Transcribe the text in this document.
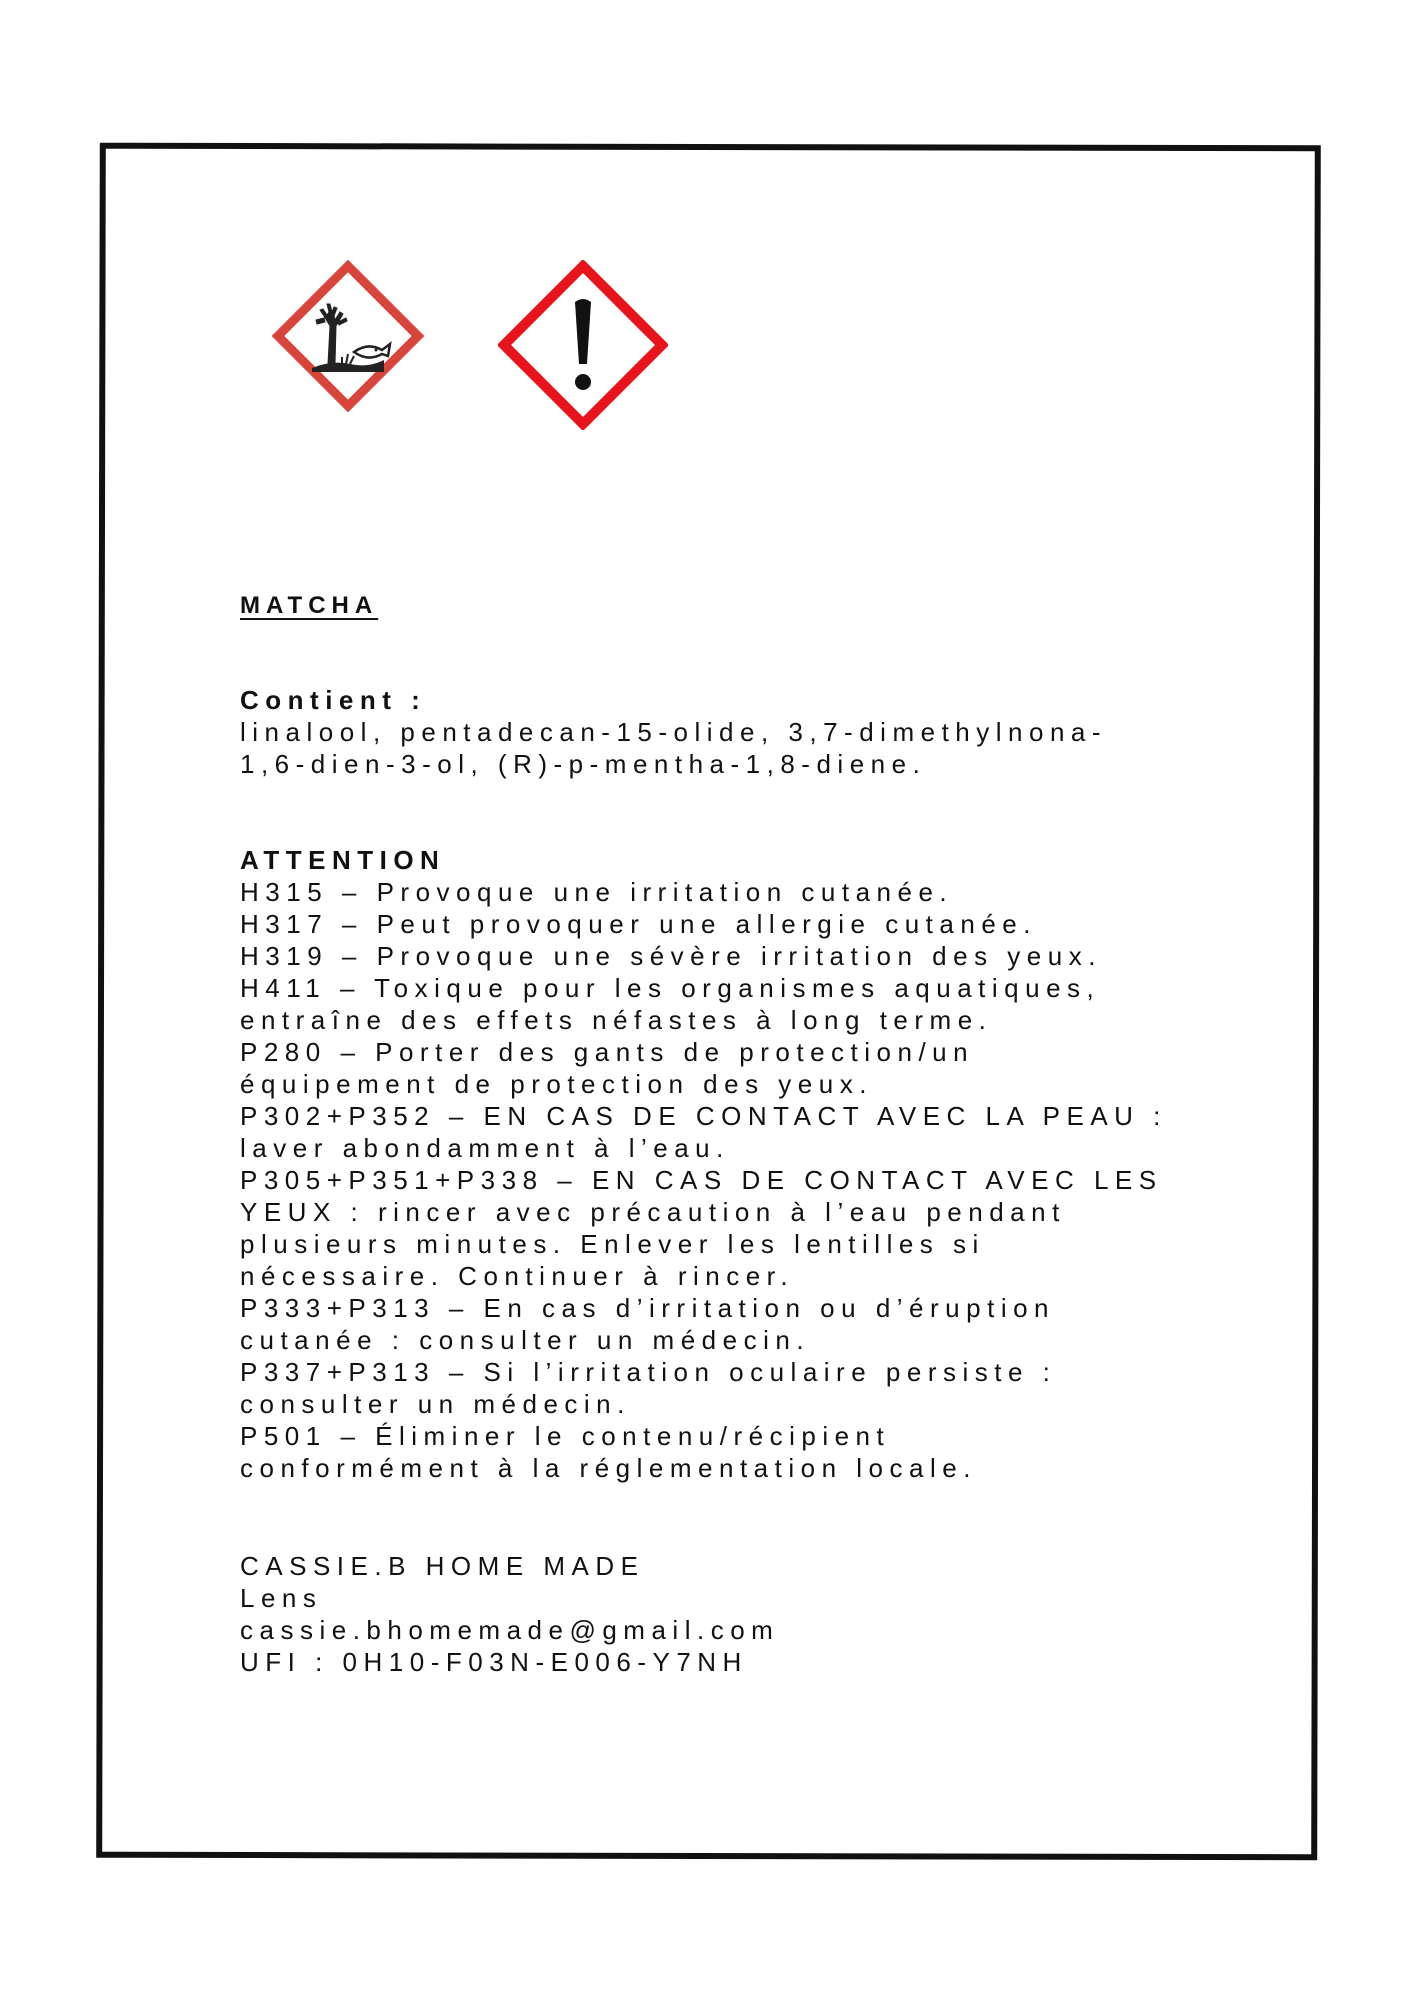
MATCHA

Contient :

linalool, pentadecan-15-olide, 3,7-dimethylnona-

1,6-dien-3-ol, (R)-p-mentha-1,8-diene.

ATTENTION

H315 – Provoque une irritation cutanée.

H317 – Peut provoquer une allergie cutanée.

H319 – Provoque une sévère irritation des yeux.

H411 – Toxique pour les organismes aquatiques,

entraîne des effets néfastes à long terme.

P280 – Porter des gants de protection/un

équipement de protection des yeux.

P302+P352 – EN CAS DE CONTACT AVEC LA PEAU :

laver abondamment à l’eau.

P305+P351+P338 – EN CAS DE CONTACT AVEC LES

YEUX : rincer avec précaution à l’eau pendant

plusieurs minutes. Enlever les lentilles si

nécessaire. Continuer à rincer.

P333+P313 – En cas d’irritation ou d’éruption

cutanée : consulter un médecin.

P337+P313 – Si l’irritation oculaire persiste :

consulter un médecin.

P501 – Éliminer le contenu/récipient

conformément à la réglementation locale.

CASSIE.B HOME MADE

Lens

cassie.bhomemade@gmail.com

UFI : 0H10-F03N-E006-Y7NH
